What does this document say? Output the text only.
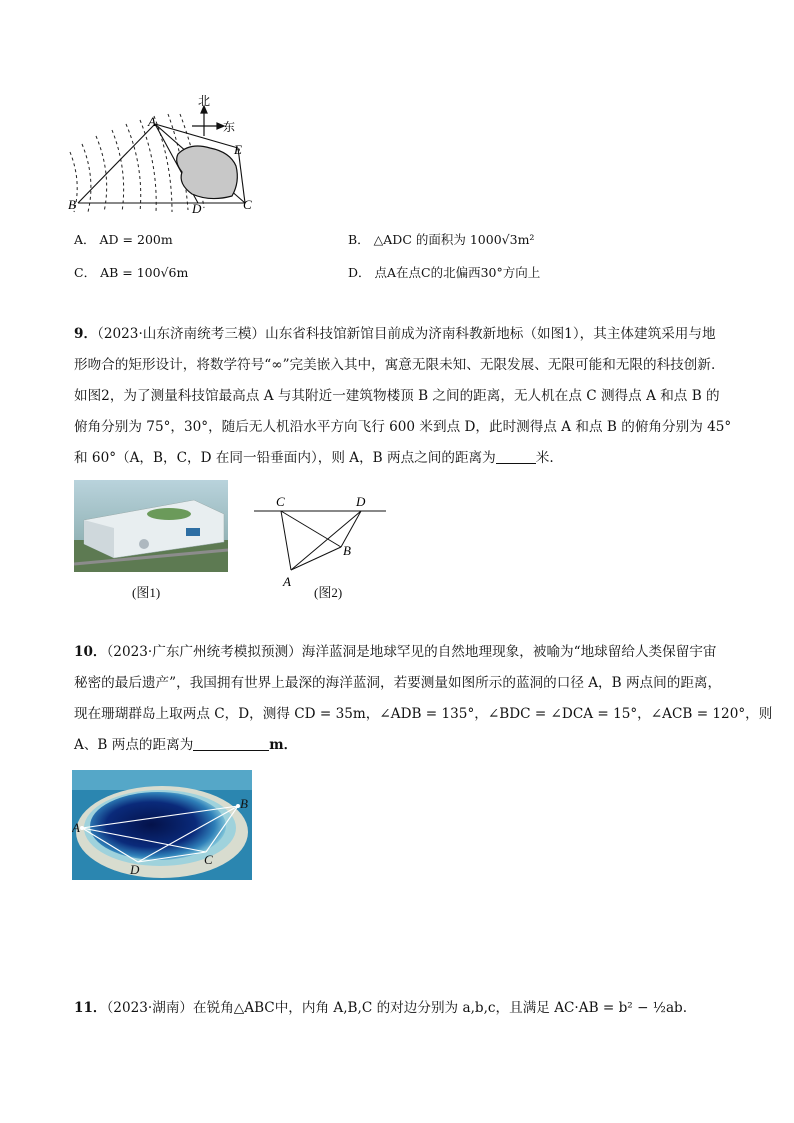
北
东
A
B	D	C
E
A． AD = 200m	B． △ADC 的面积为 1000√3m²
C． AB = 100√6m	D． 点A在点C的北偏西30°方向上
9．（2023·山东济南统考三模）山东省科技馆新馆目前成为济南科教新地标（如图1），其主体建筑采用与地
形吻合的矩形设计，将数学符号“∞”完美嵌入其中，寓意无限未知、无限发展、无限可能和无限的科技创新.
如图2，为了测量科技馆最高点 A 与其附近一建筑物楼顶 B 之间的距离，无人机在点 C 测得点 A 和点 B 的
俯角分别为 75°，30°，随后无人机沿水平方向飞行 600 米到点 D，此时测得点 A 和点 B 的俯角分别为 45°
和 60°（A，B，C，D 在同一铅垂面内），则 A，B 两点之间的距离为	米.
(图1)
C	D
B
A
(图2)
10．（2023·广东广州统考模拟预测）海洋蓝洞是地球罕见的自然地理现象，被喻为“地球留给人类保留宇宙
秘密的最后遗产”，我国拥有世界上最深的海洋蓝洞，若要测量如图所示的蓝洞的口径 A，B 两点间的距离，
现在珊瑚群岛上取两点 C，D，测得 CD = 35m，∠ADB = 135°，∠BDC = ∠DCA = 15°，∠ACB = 120°，则
A、B 两点的距离为	m．
A
B
C
D
11．（2023·湖南）在锐角△ABC中，内角 A,B,C 的对边分别为 a,b,c，且满足 AC·AB = b² − ½ab.
